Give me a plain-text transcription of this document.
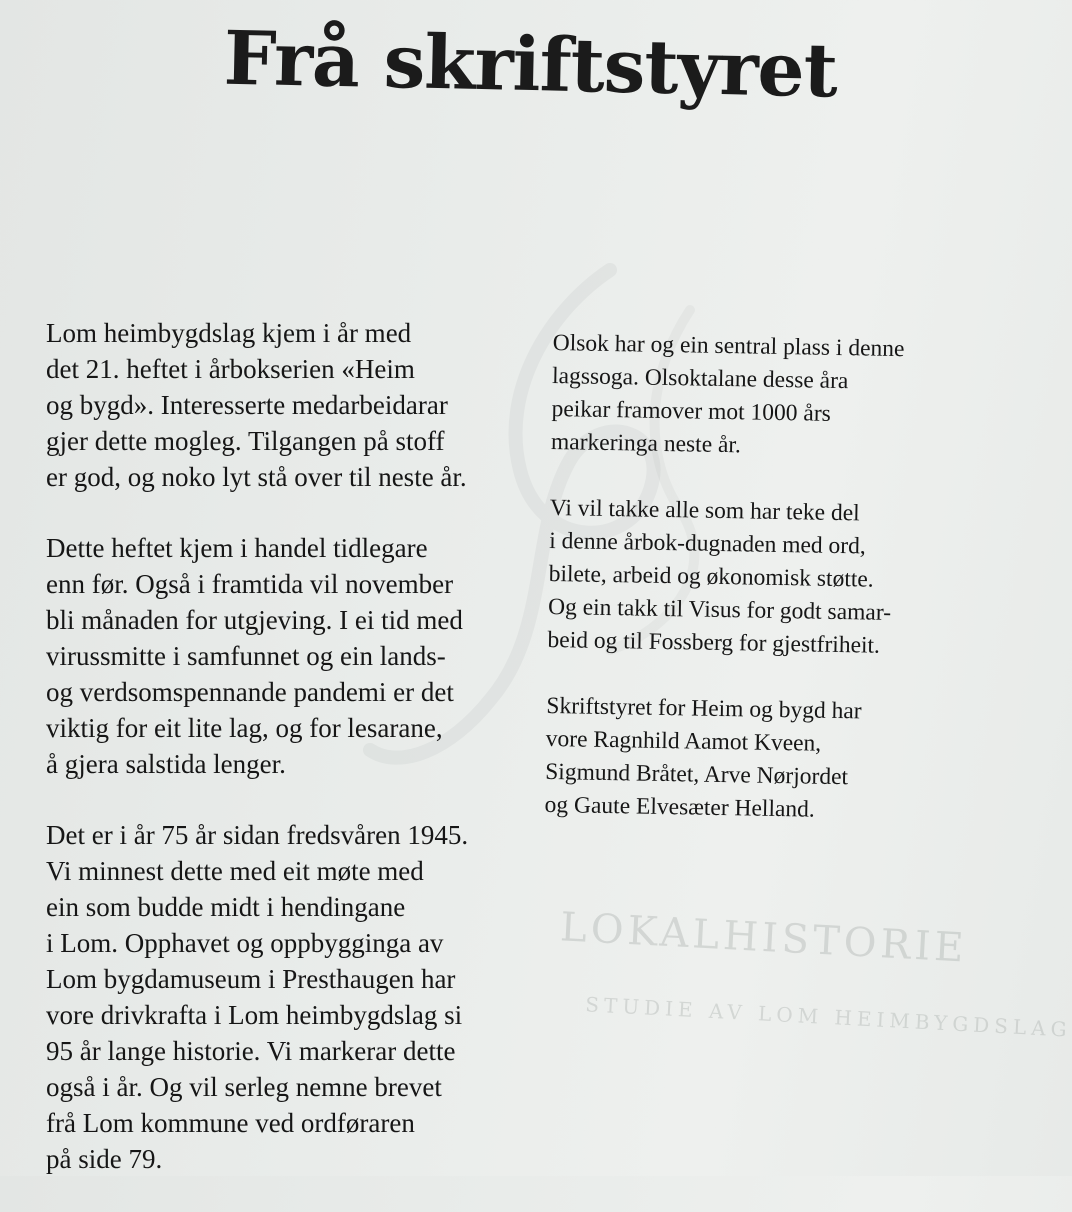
LOKALHISTORIE
STUDIE AV LOM HEIMBYGDSLAG
Frå skriftstyret

Lom heimbygdslag kjem i år med
det 21. heftet i årbokserien «Heim
og bygd». Interesserte medarbeidarar
gjer dette mogleg. Tilgangen på stoff
er god, og noko lyt stå over til neste år.

Dette heftet kjem i handel tidlegare
enn før. Også i framtida vil november
bli månaden for utgjeving. I ei tid med
virussmitte i samfunnet og ein lands-
og verdsomspennande pandemi er det
viktig for eit lite lag, og for lesarane,
å gjera salstida lenger.

Det er i år 75 år sidan fredsvåren 1945.
Vi minnest dette med eit møte med
ein som budde midt i hendingane
i Lom. Opphavet og oppbygginga av
Lom bygdamuseum i Presthaugen har
vore drivkrafta i Lom heimbygdslag si
95 år lange historie. Vi markerar dette
også i år. Og vil serleg nemne brevet
frå Lom kommune ved ordføraren
på side 79.

Olsok har og ein sentral plass i denne
lagssoga. Olsoktalane desse åra
peikar framover mot 1000 års
markeringa neste år.

Vi vil takke alle som har teke del
i denne årbok-dugnaden med ord,
bilete, arbeid og økonomisk støtte.
Og ein takk til Visus for godt samar-
beid og til Fossberg for gjestfriheit.

Skriftstyret for Heim og bygd har
vore Ragnhild Aamot Kveen,
Sigmund Bråtet, Arve Nørjordet
og Gaute Elvesæter Helland.
